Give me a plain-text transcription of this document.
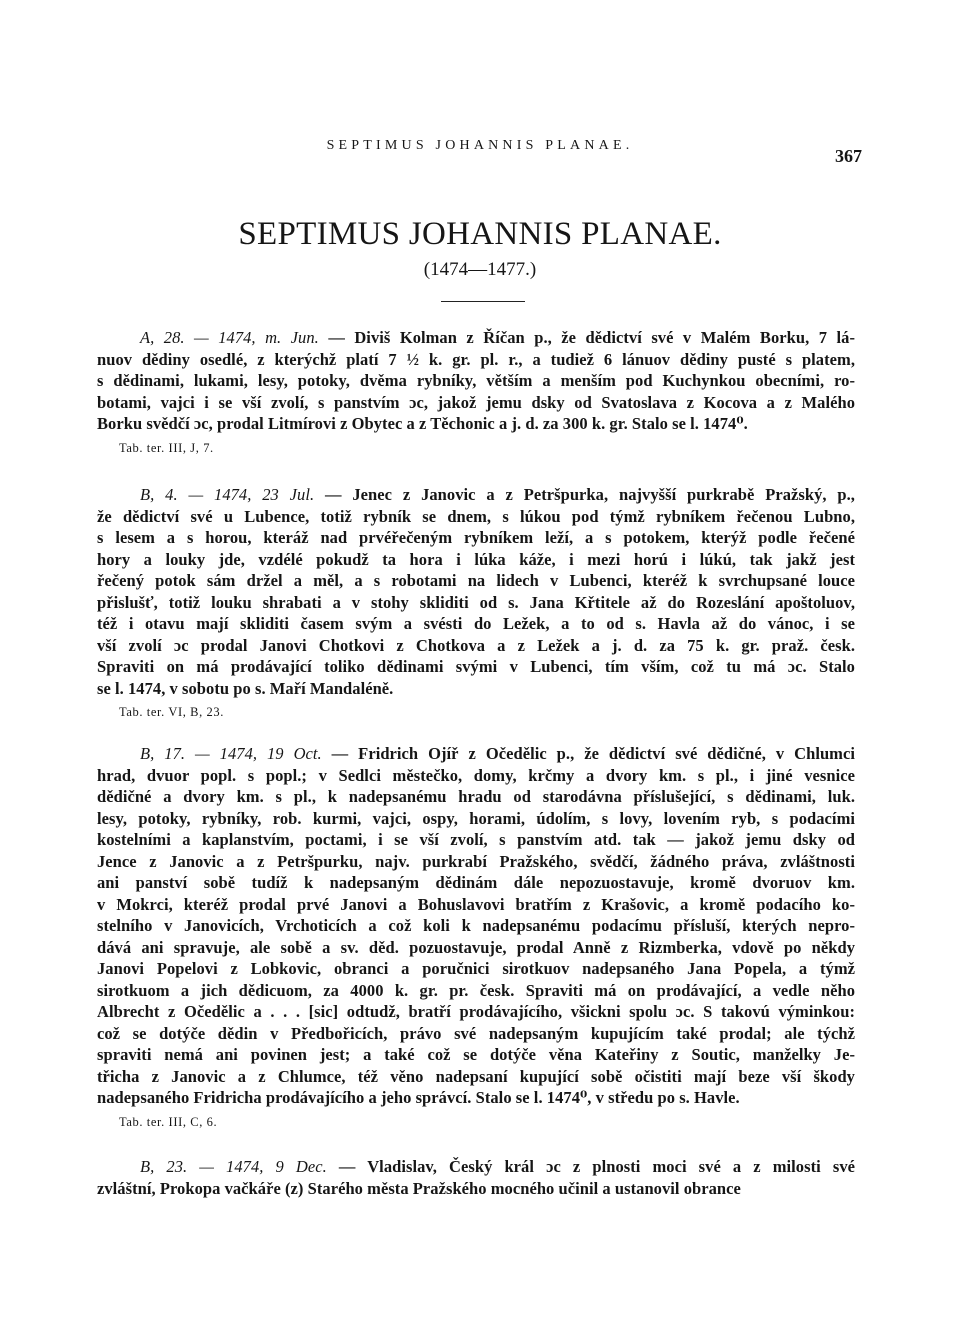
SEPTIMUS JOHANNIS PLANAE.
367
SEPTIMUS JOHANNIS PLANAE.
(1474—1477.)
A, 28. — 1474, m. Jun. — Diviš Kolman z Říčan p., že dědictví své v Malém Borku, 7 lá-
nuov dědiny osedlé, z kterýchž platí 7 ½ k. gr. pl. r., a tudiež 6 lánuov dědiny pusté s platem,
s dědinami, lukami, lesy, potoky, dvěma rybníky, větším a menším pod Kuchynkou obecními, ro-
botami, vajci i se vší zvolí, s panstvím ɔc, jakož jemu dsky od Svatoslava z Kocova a z Malého
Borku svědčí ɔc, prodal Litmírovi z Obytec a z Těchonic a j. d. za 300 k. gr. Stalo se l. 1474⁰.
Tab. ter. III, J, 7.
B, 4. — 1474, 23 Jul. — Jenec z Janovic a z Petršpurka, najvyšší purkrabě Pražský, p.,
že dědictví své u Lubence, totiž rybník se dnem, s lúkou pod týmž rybníkem řečenou Lubno,
s lesem a s horou, kteráž nad prvéřečeným rybníkem leží, a s potokem, kterýž podle řečené
hory a louky jde, vzdélé pokudž ta hora i lúka káže, i mezi horú i lúkú, tak jakž jest
řečený potok sám držel a měl, a s robotami na lidech v Lubenci, kteréž k svrchupsané louce
přislušť, totiž louku shrabati a v stohy skliditi od s. Jana Křtitele až do Rozeslání apoštoluov,
též i otavu mají skliditi časem svým a svésti do Ležek, a to od s. Havla až do vánoc, i se
vší zvolí ɔc prodal Janovi Chotkovi z Chotkova a z Ležek a j. d. za 75 k. gr. praž. česk.
Spraviti on má prodávající toliko dědinami svými v Lubenci, tím vším, což tu má ɔc. Stalo
se l. 1474, v sobotu po s. Maří Mandaléně.
Tab. ter. VI, B, 23.
B, 17. — 1474, 19 Oct. — Fridrich Ojíř z Očedělic p., že dědictví své dědičné, v Chlumci
hrad, dvuor popl. s popl.; v Sedlci městečko, domy, krčmy a dvory km. s pl., i jiné vesnice
dědičné a dvory km. s pl., k nadepsanému hradu od starodávna příslušející, s dědinami, luk.
lesy, potoky, rybníky, rob. kurmi, vajci, ospy, horami, údolím, s lovy, lovením ryb, s podacími
kostelními a kaplanstvím, poctami, i se vší zvolí, s panstvím atd. tak — jakož jemu dsky od
Jence z Janovic a z Petršpurku, najv. purkrabí Pražského, svědčí, žádného práva, zvláštnosti
ani panství sobě tudíž k nadepsaným dědinám dále nepozuostavuje, kromě dvoruov km.
v Mokrci, kteréž prodal prvé Janovi a Bohuslavovi bratřím z Krašovic, a kromě podacího ko-
stelního v Janovicích, Vrchoticích a což koli k nadepsanému podacímu přísluší, kterých nepro-
dává ani spravuje, ale sobě a sv. děd. pozuostavuje, prodal Anně z Rizmberka, vdově po někdy
Janovi Popelovi z Lobkovic, obranci a poručnici sirotkuov nadepsaného Jana Popela, a týmž
sirotkuom a jich dědicuom, za 4000 k. gr. pr. česk. Spraviti má on prodávající, a vedle něho
Albrecht z Očedělic a . . . [sic] odtudž, bratří prodávajícího, všickni spolu ɔc. S takovú výminkou:
což se dotýče dědin v Předbořicích, právo své nadepsaným kupujícím také prodal; ale týchž
spraviti nemá ani povinen jest; a také což se dotýče věna Kateřiny z Soutic, manželky Je-
třicha z Janovic a z Chlumce, též věno nadepsaní kupující sobě očistiti mají beze vší škody
nadepsaného Fridricha prodávajícího a jeho správcí. Stalo se l. 1474⁰, v středu po s. Havle.
Tab. ter. III, C, 6.
B, 23. — 1474, 9 Dec. — Vladislav, Český král ɔc z plnosti moci své a z milosti své
zvláštní, Prokopa vačkáře (z) Starého města Pražského mocného učinil a ustanovil obrance
